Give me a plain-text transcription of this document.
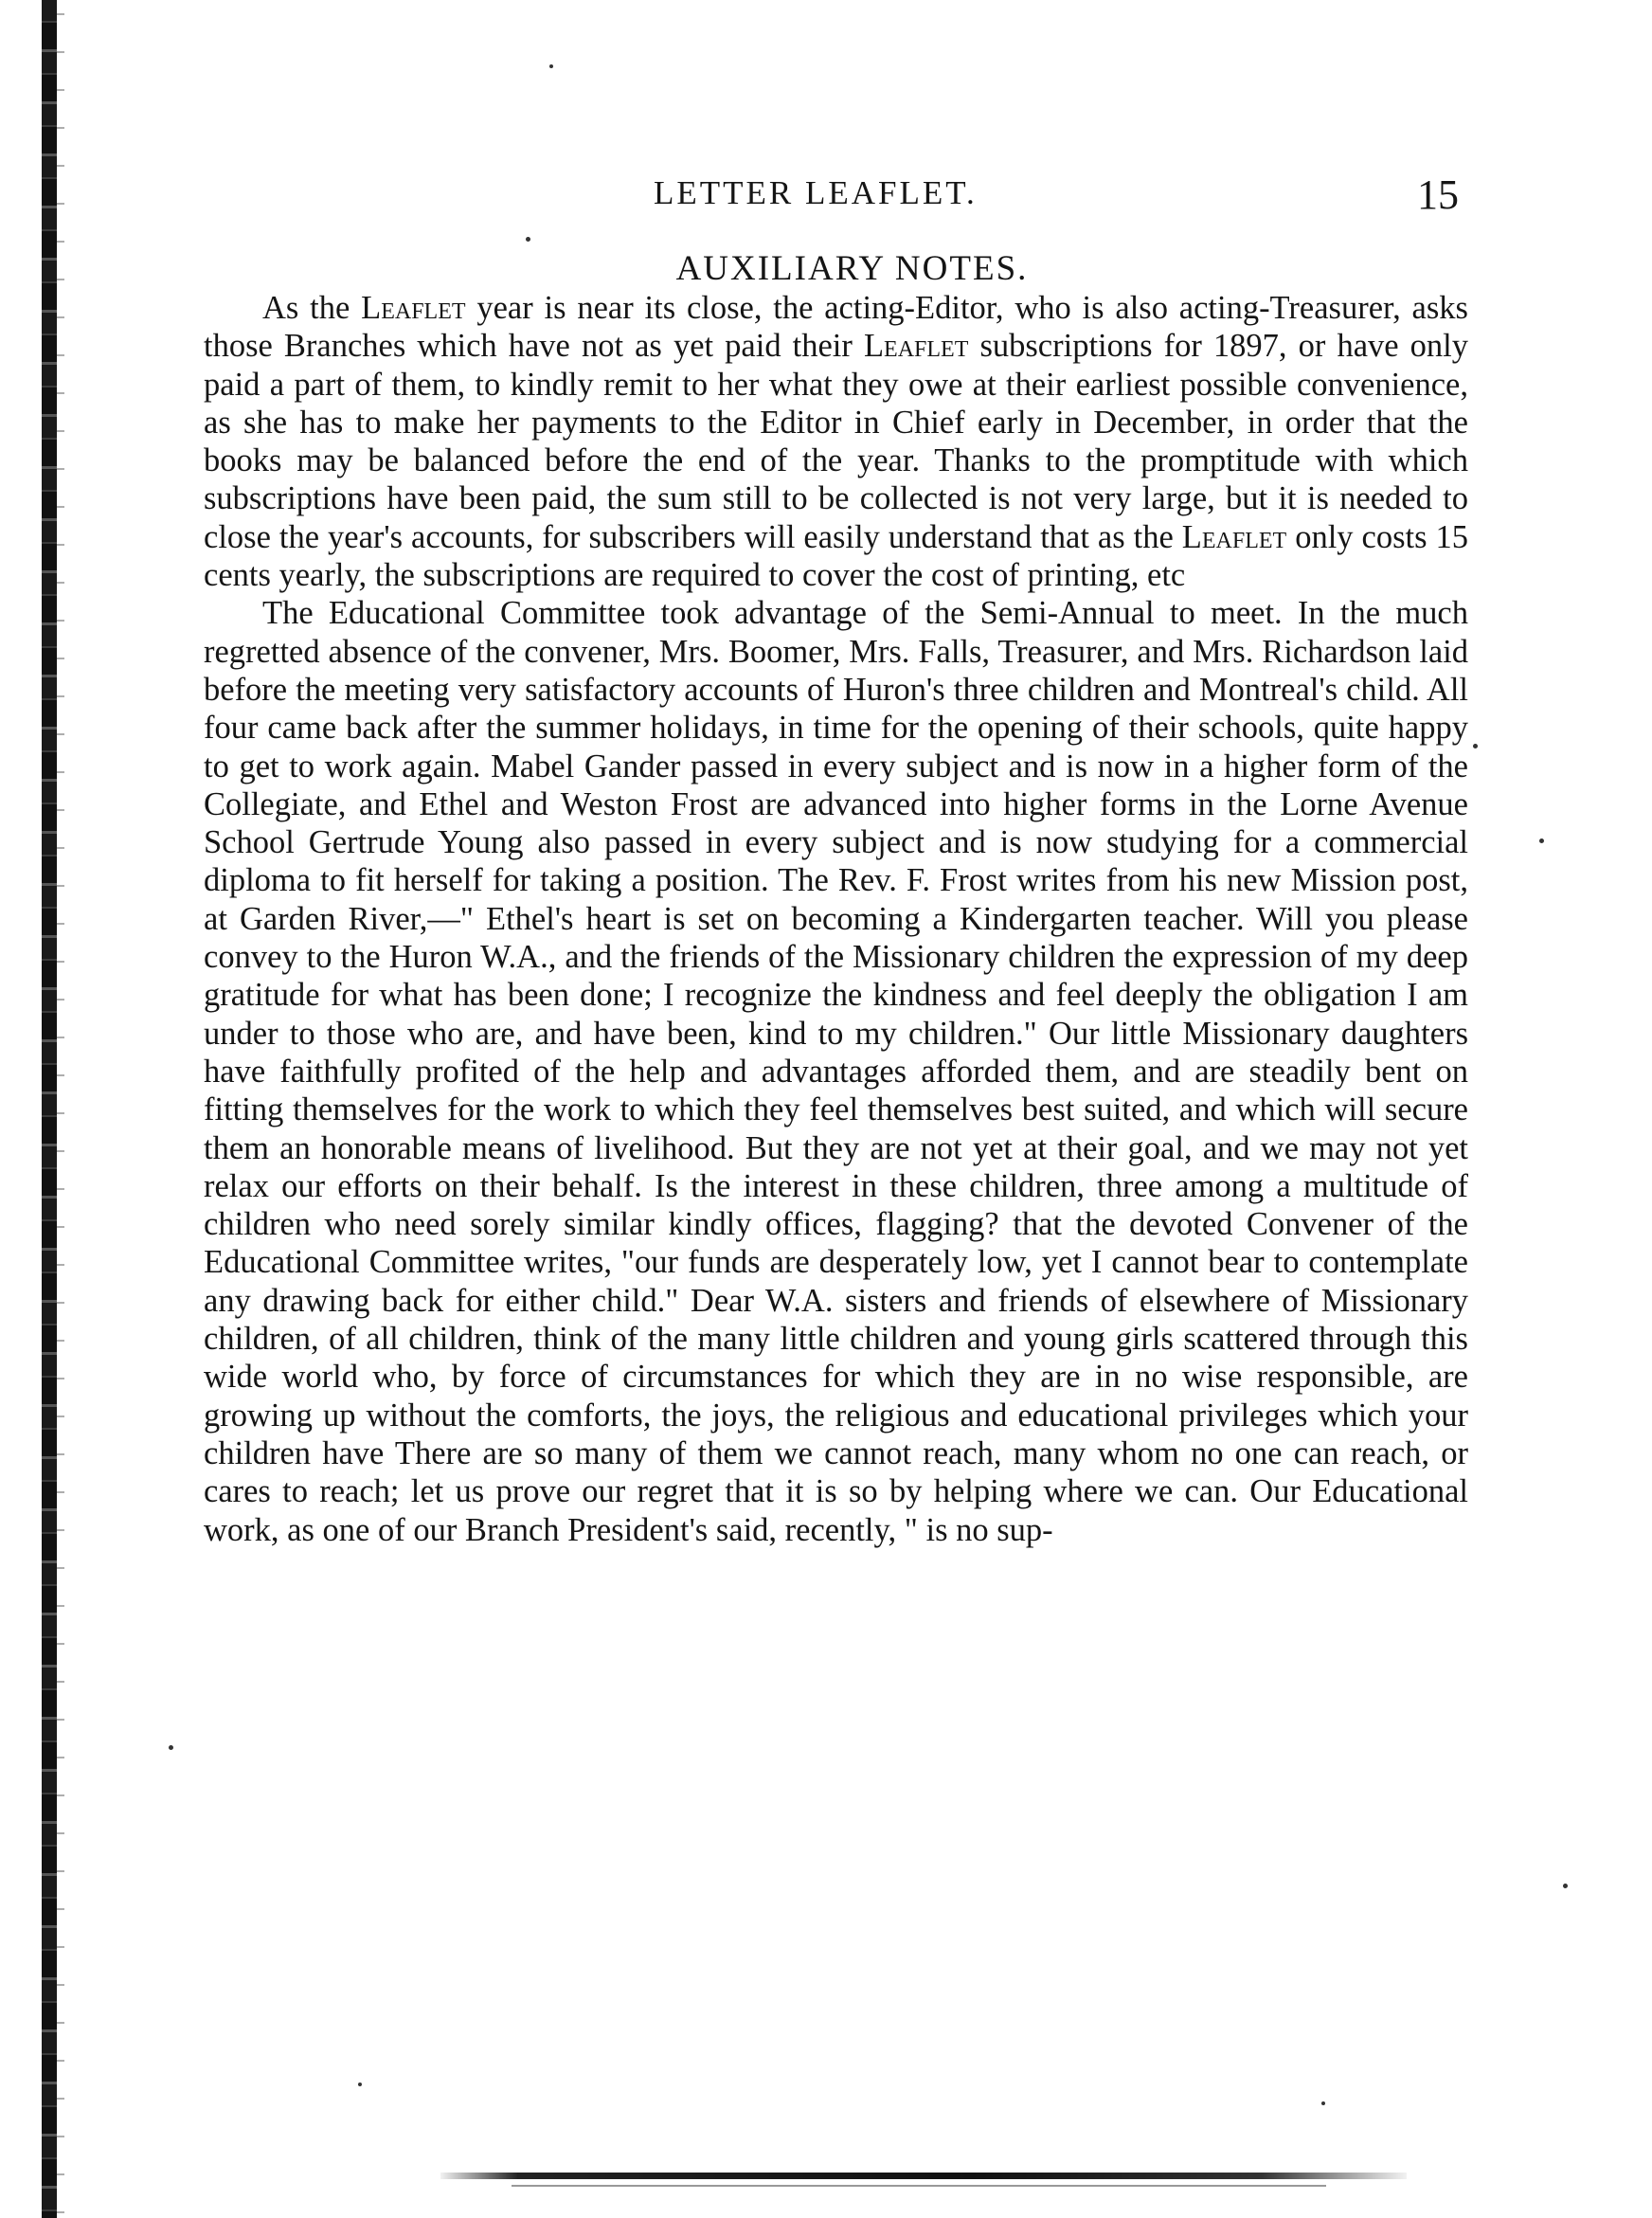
LETTER LEAFLET.	15
AUXILIARY NOTES.

As the Leaflet year is near its close, the acting-Editor, who is also acting-Treasurer, asks those Branches which have not as yet paid their Leaflet subscriptions for 1897, or have only paid a part of them, to kindly remit to her what they owe at their earliest possible convenience, as she has to make her payments to the Editor in Chief early in December, in order that the books may be balanced before the end of the year. Thanks to the promptitude with which subscriptions have been paid, the sum still to be collected is not very large, but it is needed to close the year's accounts, for subscribers will easily understand that as the Leaflet only costs 15 cents yearly, the subscriptions are required to cover the cost of printing, etc

The Educational Committee took advantage of the Semi-Annual to meet. In the much regretted absence of the convener, Mrs. Boomer, Mrs. Falls, Treasurer, and Mrs. Richardson laid before the meeting very satisfactory accounts of Huron's three children and Montreal's child. All four came back after the summer holidays, in time for the opening of their schools, quite happy to get to work again. Mabel Gander passed in every subject and is now in a higher form of the Collegiate, and Ethel and Weston Frost are advanced into higher forms in the Lorne Avenue School Gertrude Young also passed in every subject and is now studying for a commercial diploma to fit herself for taking a position. The Rev. F. Frost writes from his new Mission post, at Garden River,—" Ethel's heart is set on becoming a Kindergarten teacher. Will you please convey to the Huron W.A., and the friends of the Missionary children the expression of my deep gratitude for what has been done; I recognize the kindness and feel deeply the obligation I am under to those who are, and have been, kind to my children." Our little Missionary daughters have faithfully profited of the help and advantages afforded them, and are steadily bent on fitting themselves for the work to which they feel themselves best suited, and which will secure them an honorable means of livelihood. But they are not yet at their goal, and we may not yet relax our efforts on their behalf. Is the interest in these children, three among a multitude of children who need sorely similar kindly offices, flagging? that the devoted Convener of the Educational Committee writes, "our funds are desperately low, yet I cannot bear to contemplate any drawing back for either child." Dear W.A. sisters and friends of elsewhere of Missionary children, of all children, think of the many little children and young girls scattered through this wide world who, by force of circumstances for which they are in no wise responsible, are growing up without the comforts, the joys, the religious and educational privileges which your children have There are so many of them we cannot reach, many whom no one can reach, or cares to reach; let us prove our regret that it is so by helping where we can. Our Educational work, as one of our Branch President's said, recently, " is no sup-
